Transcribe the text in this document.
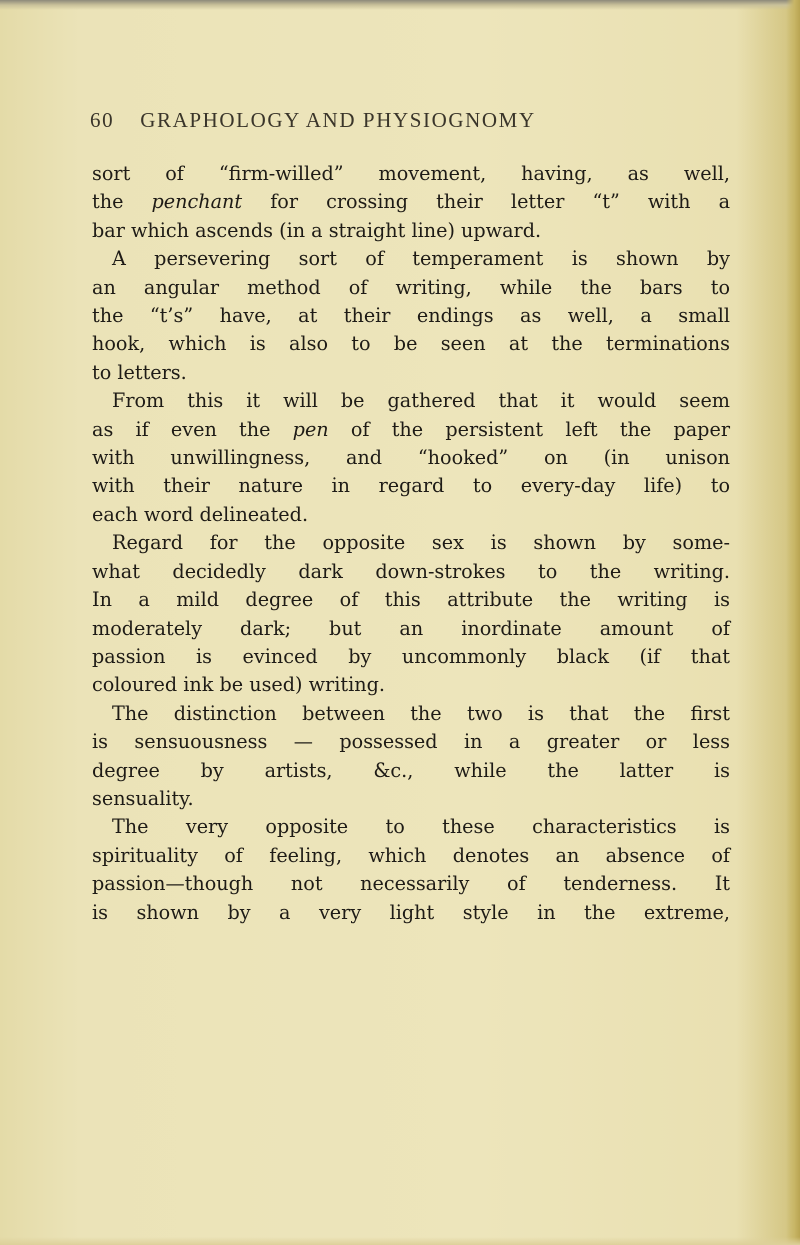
60 GRAPHOLOGY AND PHYSIOGNOMY
sort of “firm-willed” movement, having, as well,
the penchant for crossing their letter “t” with a
bar which ascends (in a straight line) upward.
A persevering sort of temperament is shown by
an angular method of writing, while the bars to
the “t’s” have, at their endings as well, a small
hook, which is also to be seen at the terminations
to letters.
From this it will be gathered that it would seem
as if even the pen of the persistent left the paper
with unwillingness, and “hooked” on (in unison
with their nature in regard to every-day life) to
each word delineated.
Regard for the opposite sex is shown by some-
what decidedly dark down-strokes to the writing.
In a mild degree of this attribute the writing is
moderately dark; but an inordinate amount of
passion is evinced by uncommonly black (if that
coloured ink be used) writing.
The distinction between the two is that the first
is sensuousness — possessed in a greater or less
degree by artists, &c., while the latter is
sensuality.
The very opposite to these characteristics is
spirituality of feeling, which denotes an absence of
passion—though not necessarily of tenderness. It
is shown by a very light style in the extreme,
